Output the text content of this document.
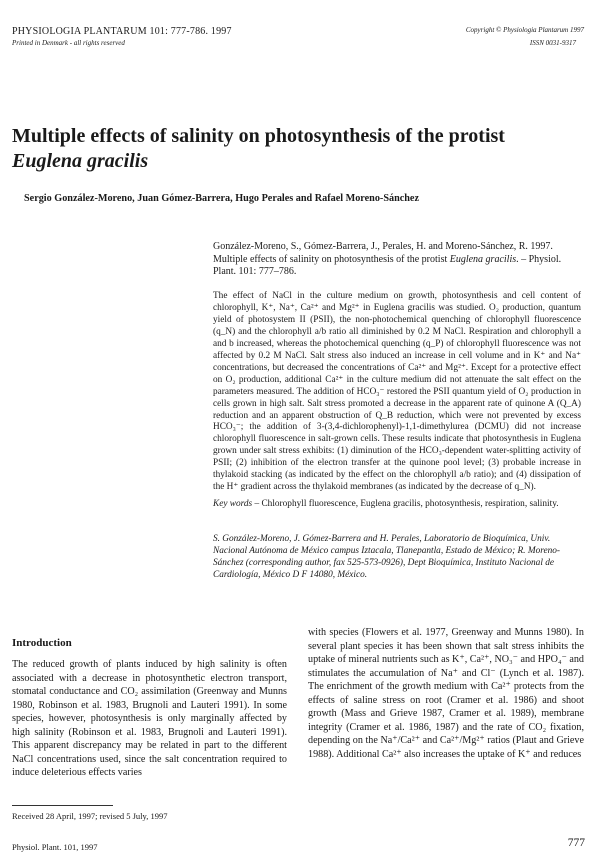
PHYSIOLOGIA PLANTARUM 101: 777-786. 1997
Printed in Denmark - all rights reserved
Copyright © Physiologia Plantarum 1997
ISSN 0031-9317
Multiple effects of salinity on photosynthesis of the protist
Euglena gracilis
Sergio González-Moreno, Juan Gómez-Barrera, Hugo Perales and Rafael Moreno-Sánchez
González-Moreno, S., Gómez-Barrera, J., Perales, H. and Moreno-Sánchez, R. 1997. Multiple effects of salinity on photosynthesis of the protist Euglena gracilis. – Physiol. Plant. 101: 777–786.
The effect of NaCl in the culture medium on growth, photosynthesis and cell content of chlorophyll, K⁺, Na⁺, Ca²⁺ and Mg²⁺ in Euglena gracilis was studied. O₂ production, quantum yield of photosystem II (PSII), the non-photochemical quenching of chlorophyll fluorescence (q_N) and the chlorophyll a/b ratio all diminished by 0.2 M NaCl. Respiration and chlorophyll a and b increased, whereas the photochemical quenching (q_P) of chlorophyll fluorescence was not affected by 0.2 M NaCl. Salt stress also induced an increase in cell volume and in K⁺ and Na⁺ concentrations, but decreased the concentrations of Ca²⁺ and Mg²⁺. Except for a protective effect on O₂ production, additional Ca²⁺ in the culture medium did not attenuate the salt effect on the parameters measured. The addition of HCO₃⁻ restored the PSII quantum yield of O₂ production in cells grown in high salt. Salt stress promoted a decrease in the apparent rate of quinone A (Q_A) reduction and an apparent obstruction of Q_B reduction, which were not prevented by excess HCO₃⁻; the addition of 3-(3,4-dichlorophenyl)-1,1-dimethylurea (DCMU) did not increase chlorophyll fluorescence in salt-grown cells. These results indicate that photosynthesis in Euglena grown under salt stress exhibits: (1) diminution of the HCO₃-dependent water-splitting activity of PSII; (2) inhibition of the electron transfer at the quinone pool level; (3) probable increase in thylakoid stacking (as indicated by the effect on the chlorophyll a/b ratio); and (4) dissipation of the H⁺ gradient across the thylakoid membranes (as indicated by the decrease of q_N).
Key words – Chlorophyll fluorescence, Euglena gracilis, photosynthesis, respiration, salinity.
S. González-Moreno, J. Gómez-Barrera and H. Perales, Laboratorio de Bioquímica, Univ. Nacional Autónoma de México campus Iztacala, Tlanepantla, Estado de México; R. Moreno-Sánchez (corresponding author, fax 525-573-0926), Dept Bioquímica, Instituto Nacional de Cardiología, México D F 14080, México.
Introduction
The reduced growth of plants induced by high salinity is often associated with a decrease in photosynthetic electron transport, stomatal conductance and CO₂ assimilation (Greenway and Munns 1980, Robinson et al. 1983, Brugnoli and Lauteri 1991). In some species, however, photosynthesis is only marginally affected by high salinity (Robinson et al. 1983, Brugnoli and Lauteri 1991). This apparent discrepancy may be related in part to the different NaCl concentrations used, since the salt concentration required to induce deleterious effects varies
with species (Flowers et al. 1977, Greenway and Munns 1980). In several plant species it has been shown that salt stress inhibits the uptake of mineral nutrients such as K⁺, Ca²⁺, NO₃⁻ and HPO₄⁻ and stimulates the accumulation of Na⁺ and Cl⁻ (Lynch et al. 1987). The enrichment of the growth medium with Ca²⁺ protects from the effects of saline stress on root (Cramer et al. 1986) and shoot growth (Mass and Grieve 1987, Cramer et al. 1989), membrane integrity (Cramer et al. 1986, 1987) and the rate of CO₂ fixation, depending on the Na⁺/Ca²⁺ and Ca²⁺/Mg²⁺ ratios (Plaut and Grieve 1988). Additional Ca²⁺ also increases the uptake of K⁺ and reduces
Received 28 April, 1997; revised 5 July, 1997
Physiol. Plant. 101, 1997	777
